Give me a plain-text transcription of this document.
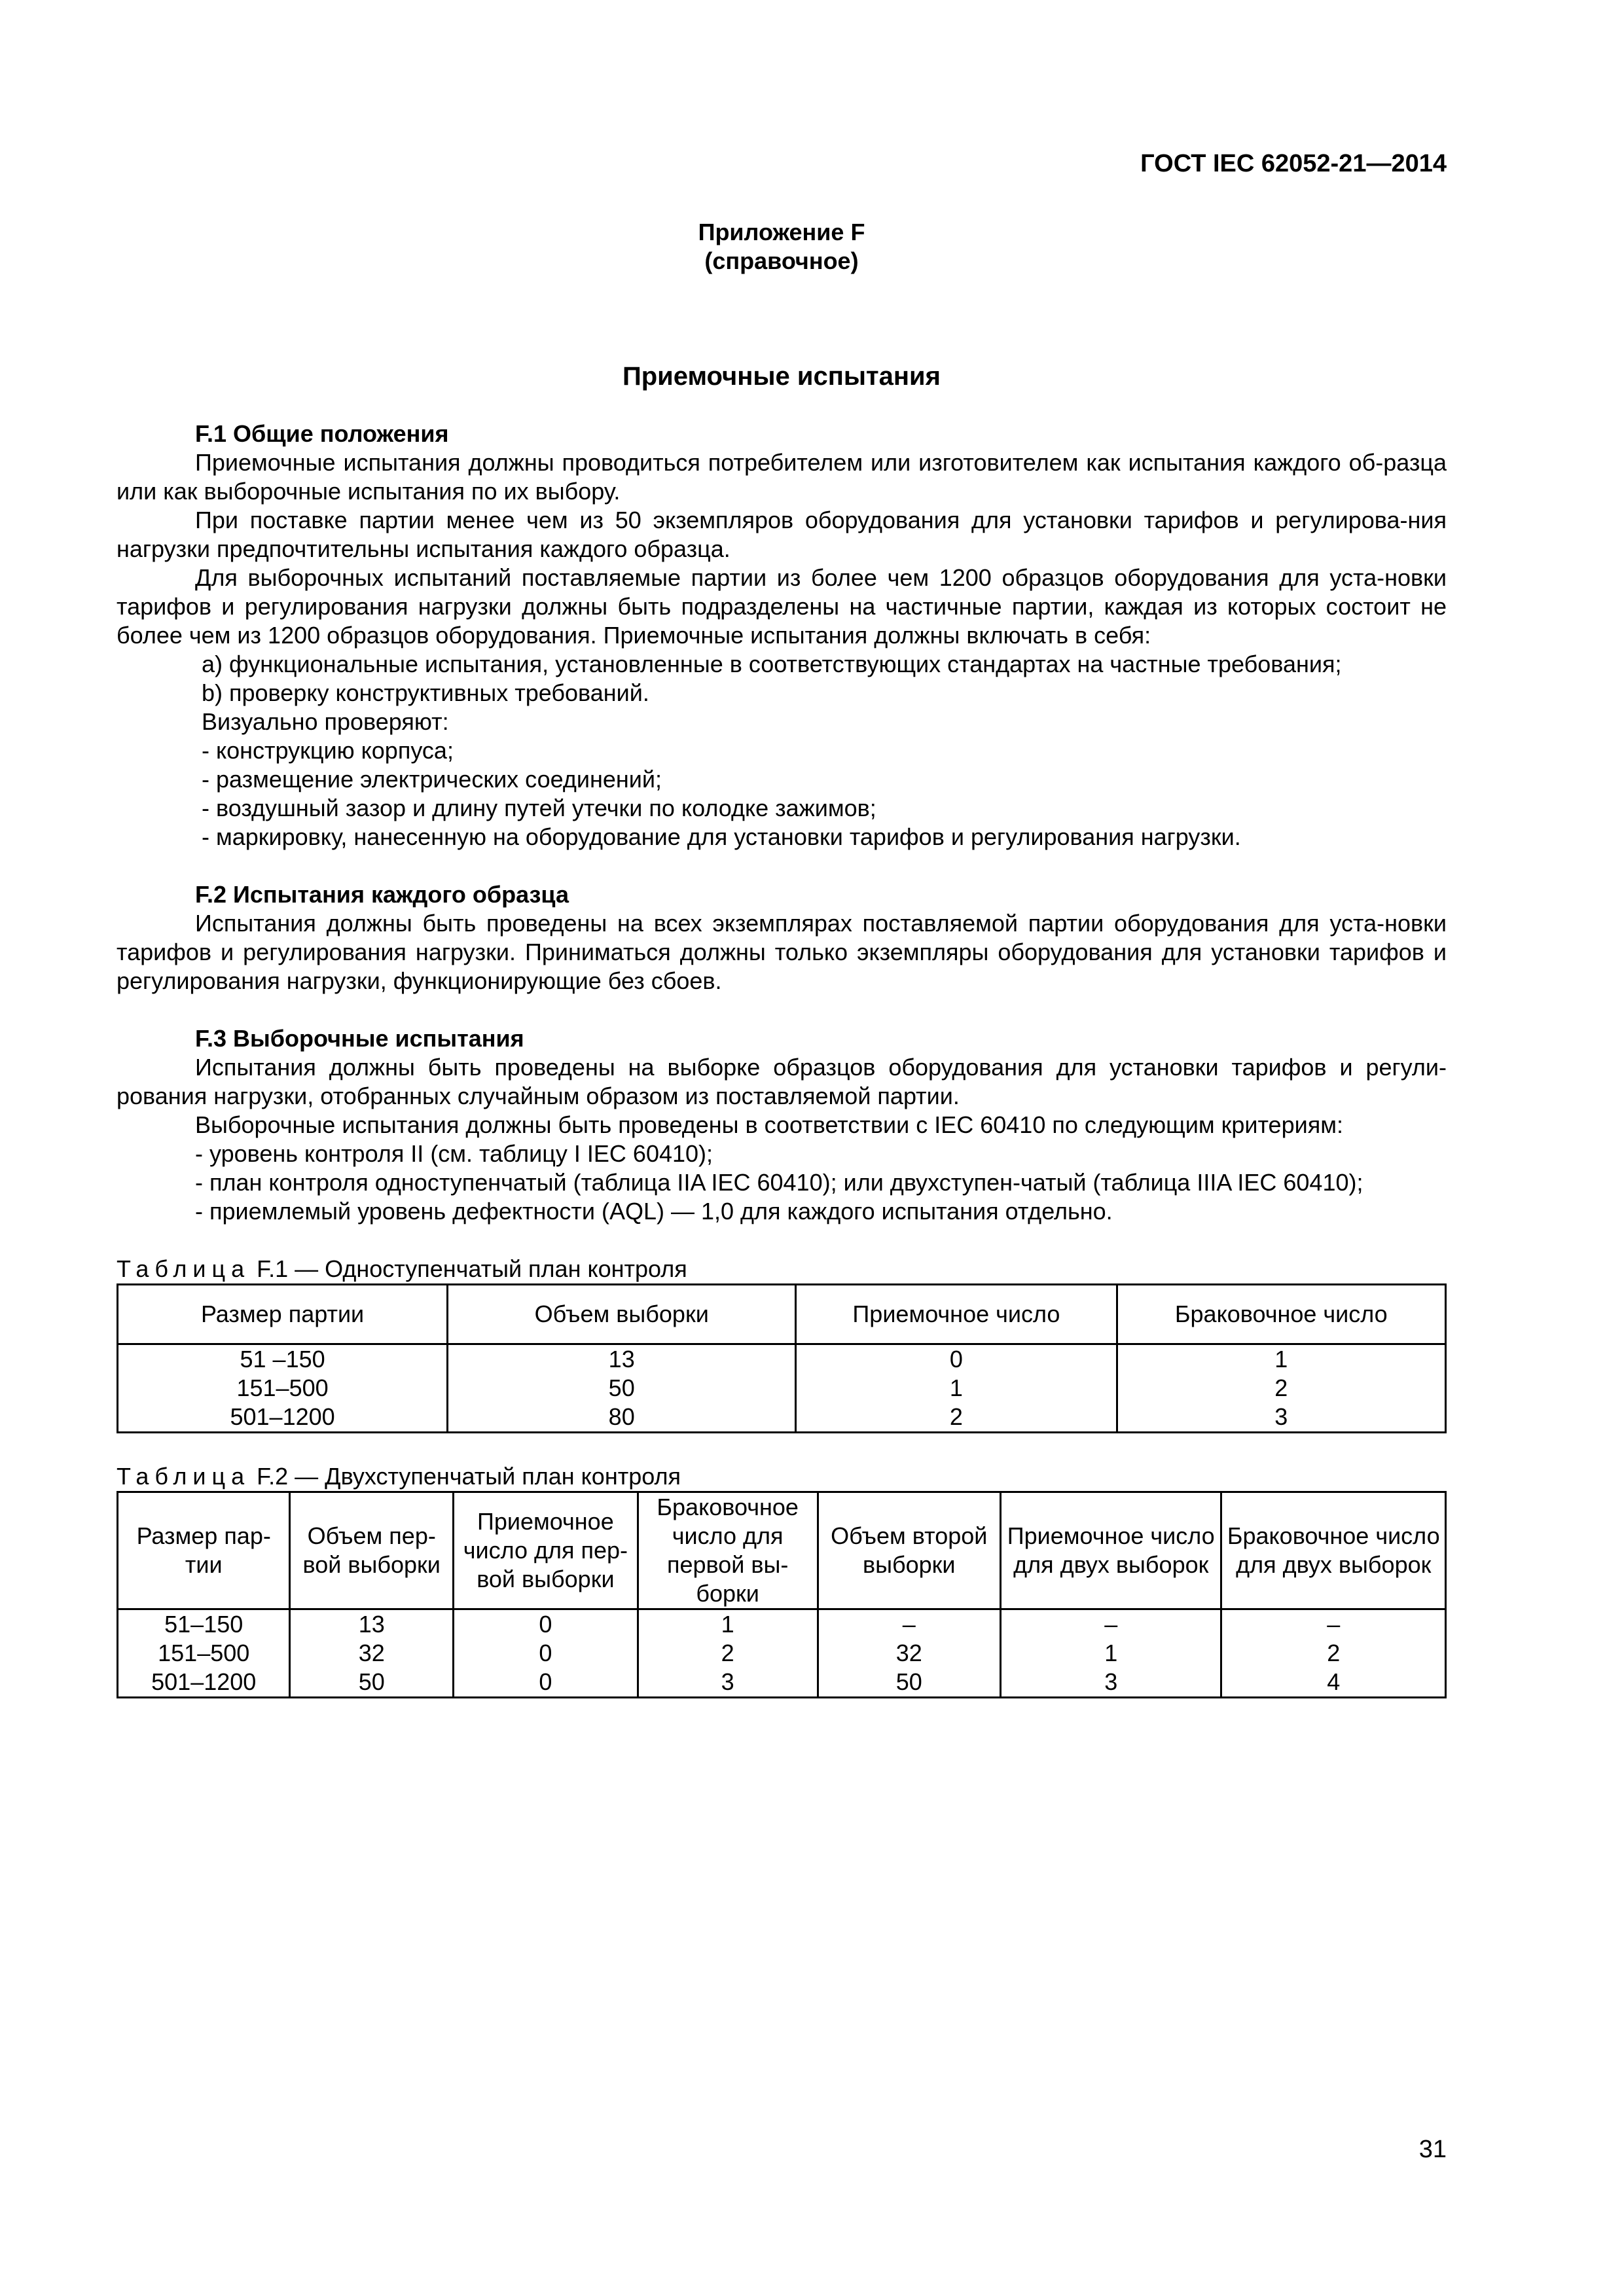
ГОСТ IEC 62052-21—2014
Приложение F
(справочное)
Приемочные испытания

F.1 Общие положения

Приемочные испытания должны проводиться потребителем или изготовителем как испытания каждого об-разца или как выборочные испытания по их выбору.

При поставке партии менее чем из 50 экземпляров оборудования для установки тарифов и регулирова-ния нагрузки предпочтительны испытания каждого образца.

Для выборочных испытаний поставляемые партии из более чем 1200 образцов оборудования для уста-новки тарифов и регулирования нагрузки должны быть подразделены на частичные партии, каждая из которых состоит не более чем из 1200 образцов оборудования. Приемочные испытания должны включать в себя:

a) функциональные испытания, установленные в соответствующих стандартах на частные требования;

b) проверку конструктивных требований.

Визуально проверяют:

- конструкцию корпуса;

- размещение электрических соединений;

- воздушный зазор и длину путей утечки по колодке зажимов;

- маркировку, нанесенную на оборудование для установки тарифов и регулирования нагрузки.

F.2 Испытания каждого образца

Испытания должны быть проведены на всех экземплярах поставляемой партии оборудования для уста-новки тарифов и регулирования нагрузки. Приниматься должны только экземпляры оборудования для установки тарифов и регулирования нагрузки, функционирующие без сбоев.

F.3 Выборочные испытания

Испытания должны быть проведены на выборке образцов оборудования для установки тарифов и регули-рования нагрузки, отобранных случайным образом из поставляемой партии.

Выборочные испытания должны быть проведены в соответствии с IEC 60410 по следующим критериям:

- уровень контроля II (см. таблицу I IEC 60410);

- план контроля одноступенчатый (таблица IIA IEC 60410); или двухступен-чатый (таблица IIIA IEC 60410);

- приемлемый уровень дефектности (AQL) — 1,0 для каждого испытания отдельно.

Таблица F.1 — Одноступенчатый план контроля

Размер партии	Объем выборки	Приемочное число	Браковочное число
51 –150	13	0	1
151–500	50	1	2
501–1200	80	2	3

Таблица F.2 — Двухступенчатый план контроля

Размер пар-тии	Объем пер-вой выборки	Приемочное число для пер-вой выборки	Браковочное число для первой вы-борки	Объем второй выборки	Приемочное число для двух выборок	Браковочное число для двух выборок
51–150	13	0	1	–	–	–
151–500	32	0	2	32	1	2
501–1200	50	0	3	50	3	4
31
